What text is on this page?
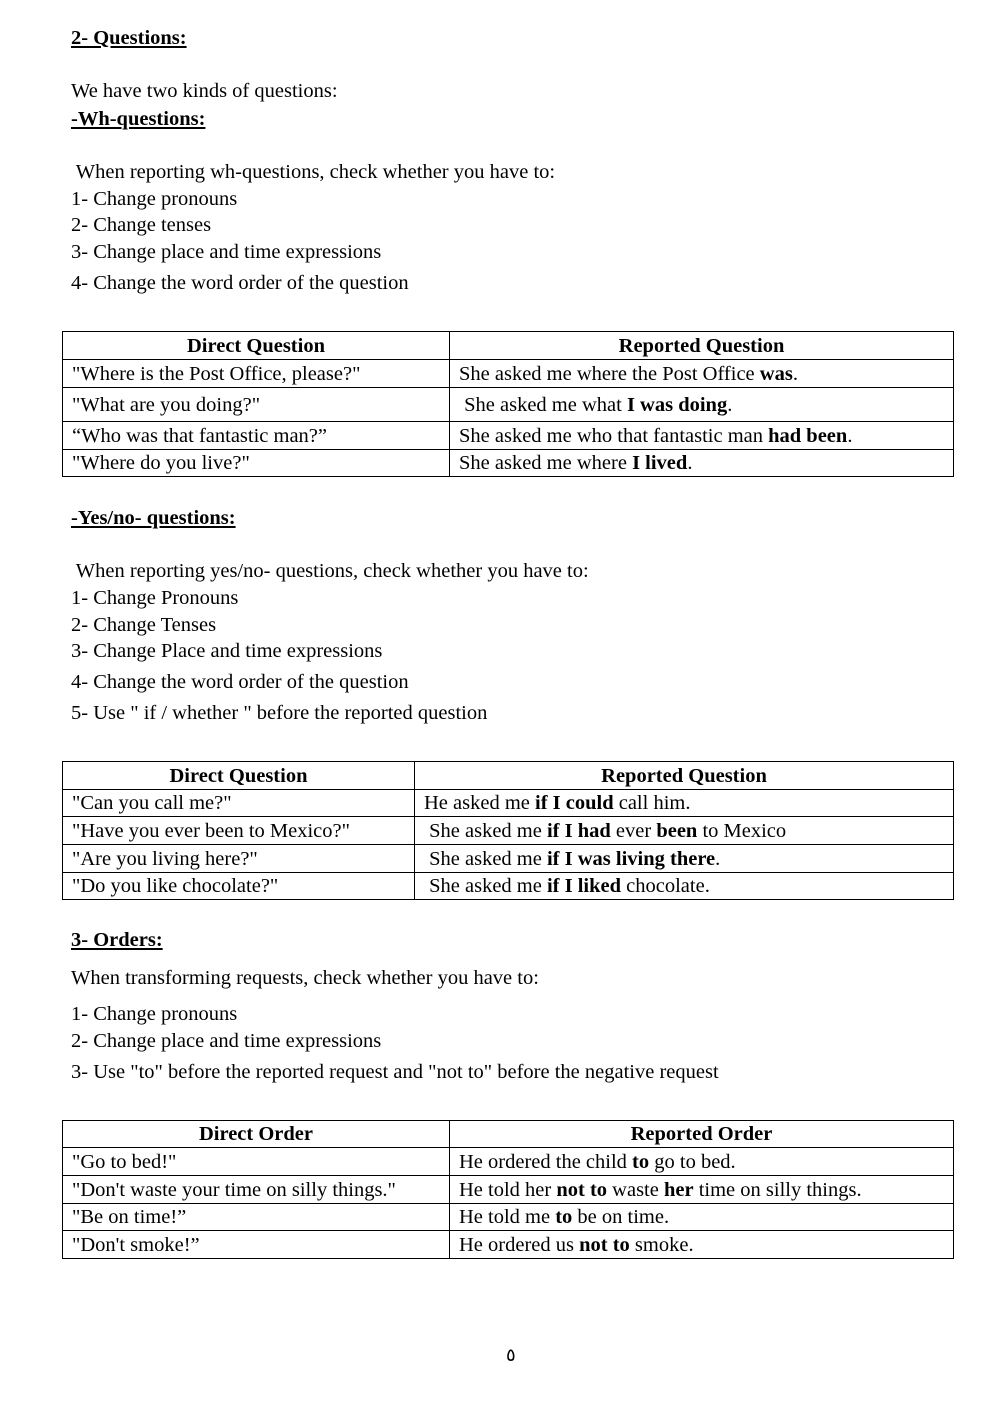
2- Questions:
We have two kinds of questions:
-Wh-questions:
When reporting wh-questions, check whether you have to:
1- Change pronouns
2- Change tenses
3- Change place and time expressions
4- Change the word order of the question
Direct Question	Reported Question
"Where is the Post Office, please?"	She asked me where the Post Office was.
"What are you doing?"	She asked me what I was doing.
“Who was that fantastic man?”	She asked me who that fantastic man had been.
"Where do you live?"	She asked me where I lived.
-Yes/no- questions:
When reporting yes/no- questions, check whether you have to:
1- Change Pronouns
2- Change Tenses
3- Change Place and time expressions
4- Change the word order of the question
5- Use " if / whether " before the reported question
Direct Question	Reported Question
"Can you call me?"	He asked me if I could call him.
"Have you ever been to Mexico?"	She asked me if I had ever been to Mexico
"Are you living here?"	She asked me if I was living there.
"Do you like chocolate?"	She asked me if I liked chocolate.
3- Orders:
When transforming requests, check whether you have to:
1- Change pronouns
2- Change place and time expressions
3- Use "to" before the reported request and "not to" before the negative request
Direct Order	Reported Order
"Go to bed!"	He ordered the child to go to bed.
"Don't waste your time on silly things."	He told her not to waste her time on silly things.
"Be on time!”	He told me to be on time.
"Don't smoke!”	He ordered us not to smoke.
٥
